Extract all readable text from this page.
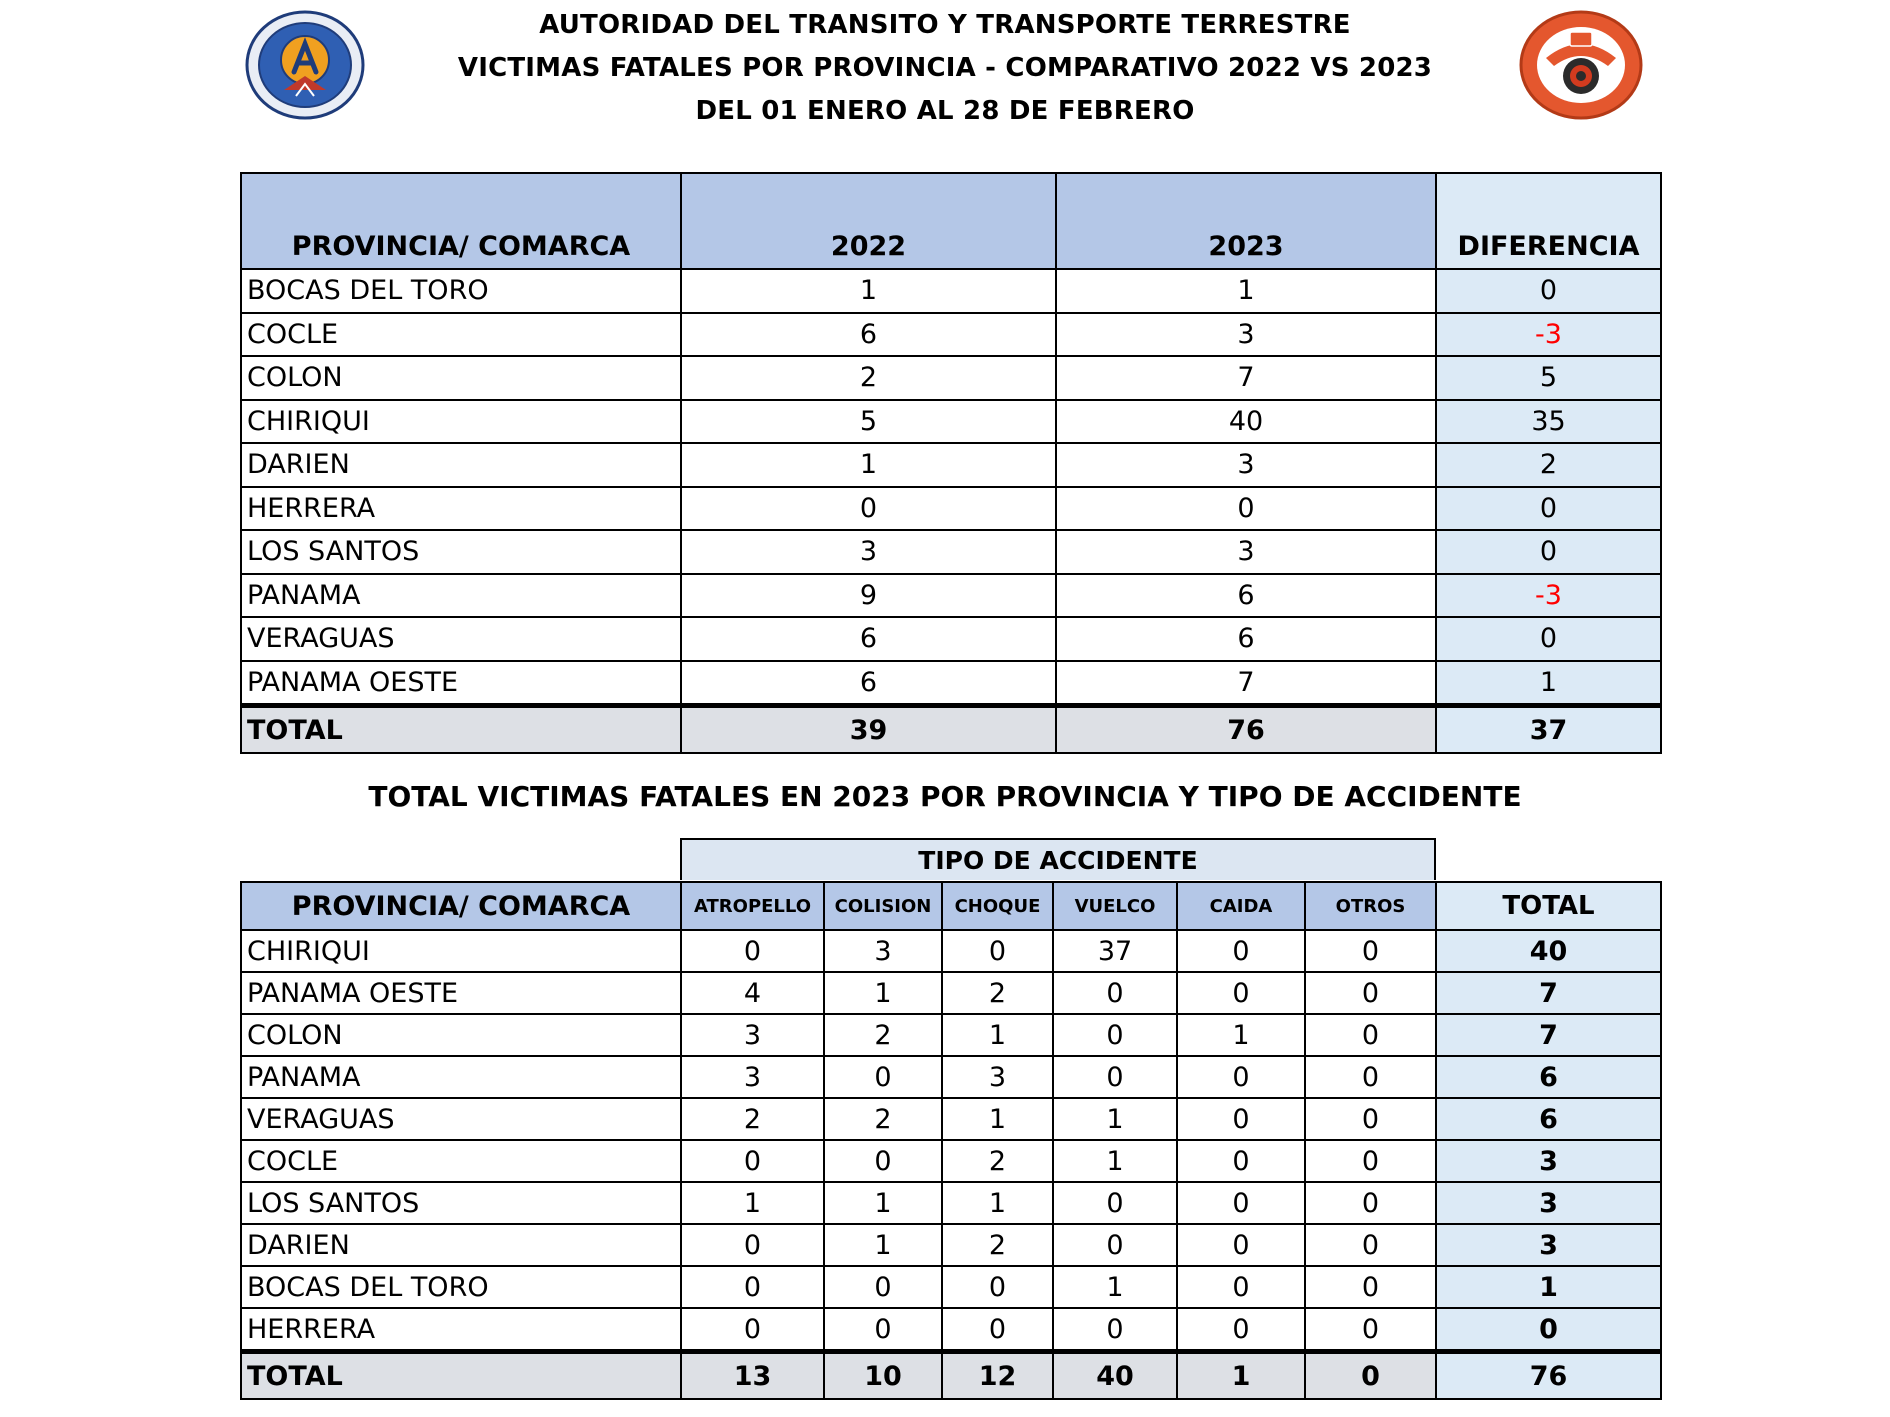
AUTORIDAD DEL TRANSITO Y TRANSPORTE TERRESTRE
VICTIMAS FATALES POR PROVINCIA - COMPARATIVO 2022 VS 2023
DEL 01 ENERO AL 28 DE FEBRERO
PROVINCIA/ COMARCA	2022	2023	DIFERENCIA
BOCAS DEL TORO	1	1	0
COCLE	6	3	-3
COLON	2	7	5
CHIRIQUI	5	40	35
DARIEN	1	3	2
HERRERA	0	0	0
LOS SANTOS	3	3	0
PANAMA	9	6	-3
VERAGUAS	6	6	0
PANAMA OESTE	6	7	1
TOTAL	39	76	37
TOTAL VICTIMAS FATALES EN 2023 POR PROVINCIA Y TIPO DE ACCIDENTE
TIPO DE ACCIDENTE
PROVINCIA/ COMARCA	ATROPELLO	COLISION	CHOQUE	VUELCO	CAIDA	OTROS	TOTAL
CHIRIQUI	0	3	0	37	0	0	40
PANAMA OESTE	4	1	2	0	0	0	7
COLON	3	2	1	0	1	0	7
PANAMA	3	0	3	0	0	0	6
VERAGUAS	2	2	1	1	0	0	6
COCLE	0	0	2	1	0	0	3
LOS SANTOS	1	1	1	0	0	0	3
DARIEN	0	1	2	0	0	0	3
BOCAS DEL TORO	0	0	0	1	0	0	1
HERRERA	0	0	0	0	0	0	0
TOTAL	13	10	12	40	1	0	76
